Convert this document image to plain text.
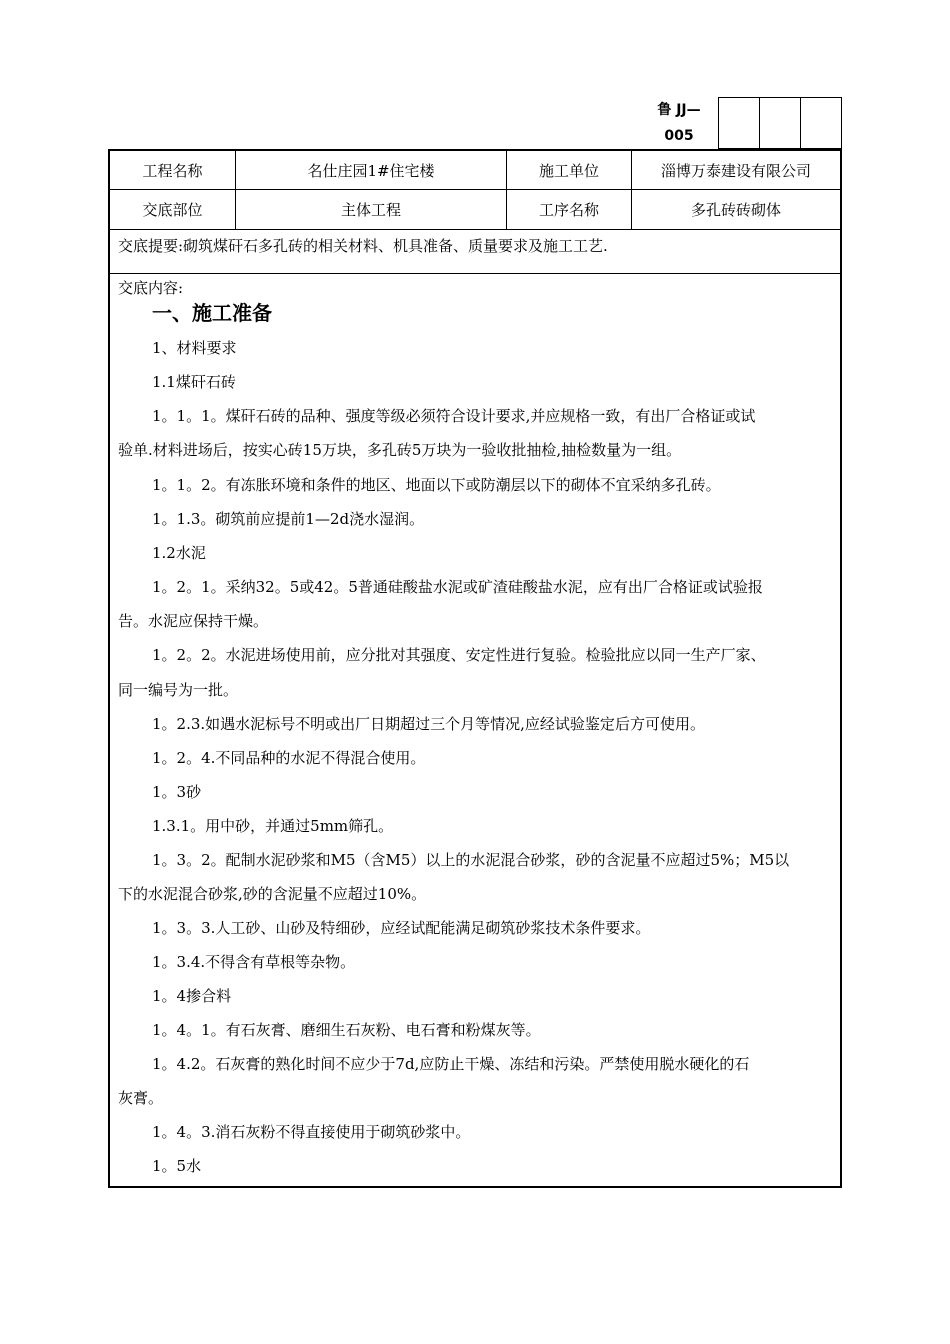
鲁 JJ—
005
工程名称	名仕庄园1#住宅楼	施工单位	淄博万泰建设有限公司
交底部位	主体工程	工序名称	多孔砖砖砌体
交底提要:砌筑煤矸石多孔砖的相关材料、机具准备、质量要求及施工工艺.
交底内容:
一、施工准备
1、材料要求
1.1煤矸石砖
1。1。1。煤矸石砖的品种、强度等级必须符合设计要求,并应规格一致，有出厂合格证或试
验单.材料进场后，按实心砖15万块，多孔砖5万块为一验收批抽检,抽检数量为一组。
1。1。2。有冻胀环境和条件的地区、地面以下或防潮层以下的砌体不宜采纳多孔砖。
1。1.3。砌筑前应提前1—2d浇水湿润。
1.2水泥
1。2。1。采纳32。5或42。5普通硅酸盐水泥或矿渣硅酸盐水泥，应有出厂合格证或试验报
告。水泥应保持干燥。
1。2。2。水泥进场使用前，应分批对其强度、安定性进行复验。检验批应以同一生产厂家、
同一编号为一批。
1。2.3.如遇水泥标号不明或出厂日期超过三个月等情况,应经试验鉴定后方可使用。
1。2。4.不同品种的水泥不得混合使用。
1。3砂
1.3.1。用中砂，并通过5mm筛孔。
1。3。2。配制水泥砂浆和M5（含M5）以上的水泥混合砂浆，砂的含泥量不应超过5%；M5以
下的水泥混合砂浆,砂的含泥量不应超过10%。
1。3。3.人工砂、山砂及特细砂，应经试配能满足砌筑砂浆技术条件要求。
1。3.4.不得含有草根等杂物。
1。4掺合料
1。4。1。有石灰膏、磨细生石灰粉、电石膏和粉煤灰等。
1。4.2。石灰膏的熟化时间不应少于7d,应防止干燥、冻结和污染。严禁使用脱水硬化的石
灰膏。
1。4。3.消石灰粉不得直接使用于砌筑砂浆中。
1。5水
